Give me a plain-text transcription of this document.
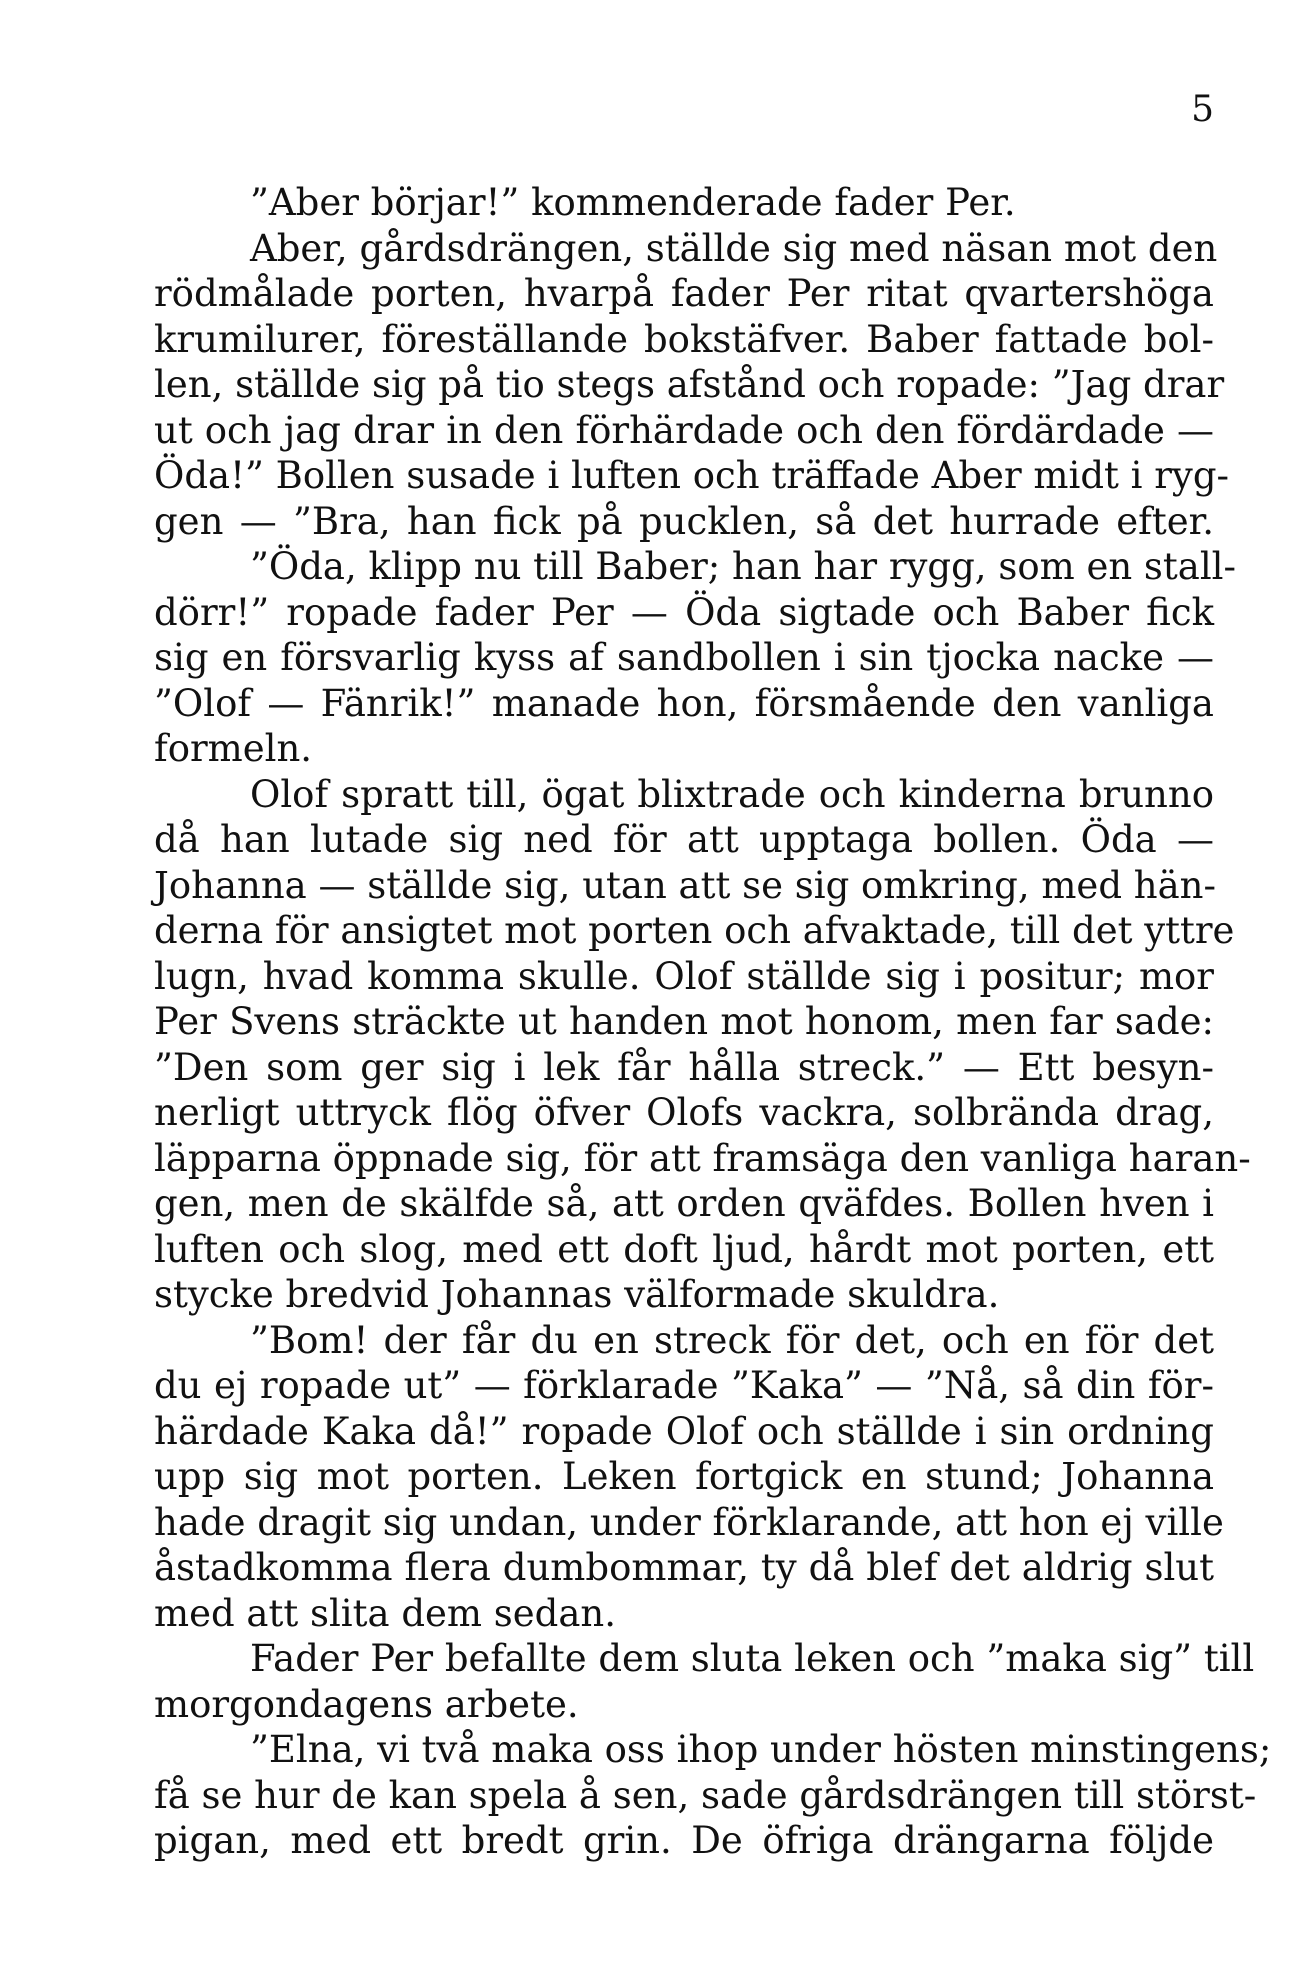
5
”Aber börjar!” kommenderade fader Per.
Aber, gårdsdrängen, ställde sig med näsan mot den
rödmålade porten, hvarpå fader Per ritat qvartershöga
krumilurer, föreställande bokstäfver. Baber fattade bol-
len, ställde sig på tio stegs afstånd och ropade: ”Jag drar
ut och jag drar in den förhärdade och den fördärdade —
Öda!” Bollen susade i luften och träffade Aber midt i ryg-
gen — ”Bra, han fick på pucklen, så det hurrade efter.
”Öda, klipp nu till Baber; han har rygg, som en stall-
dörr!” ropade fader Per — Öda sigtade och Baber fick
sig en försvarlig kyss af sandbollen i sin tjocka nacke —
”Olof — Fänrik!” manade hon, försmående den vanliga
formeln.
Olof spratt till, ögat blixtrade och kinderna brunno
då han lutade sig ned för att upptaga bollen. Öda —
Johanna — ställde sig, utan att se sig omkring, med hän-
derna för ansigtet mot porten och afvaktade, till det yttre
lugn, hvad komma skulle. Olof ställde sig i positur; mor
Per Svens sträckte ut handen mot honom, men far sade:
”Den som ger sig i lek får hålla streck.” — Ett besyn-
nerligt uttryck flög öfver Olofs vackra, solbrända drag,
läpparna öppnade sig, för att framsäga den vanliga haran-
gen, men de skälfde så, att orden qväfdes. Bollen hven i
luften och slog, med ett doft ljud, hårdt mot porten, ett
stycke bredvid Johannas välformade skuldra.
”Bom! der får du en streck för det, och en för det
du ej ropade ut” — förklarade ”Kaka” — ”Nå, så din för-
härdade Kaka då!” ropade Olof och ställde i sin ordning
upp sig mot porten. Leken fortgick en stund; Johanna
hade dragit sig undan, under förklarande, att hon ej ville
åstadkomma flera dumbommar, ty då blef det aldrig slut
med att slita dem sedan.
Fader Per befallte dem sluta leken och ”maka sig” till
morgondagens arbete.
”Elna, vi två maka oss ihop under hösten minstingens;
få se hur de kan spela å sen, sade gårdsdrängen till störst-
pigan, med ett bredt grin. De öfriga drängarna följde
